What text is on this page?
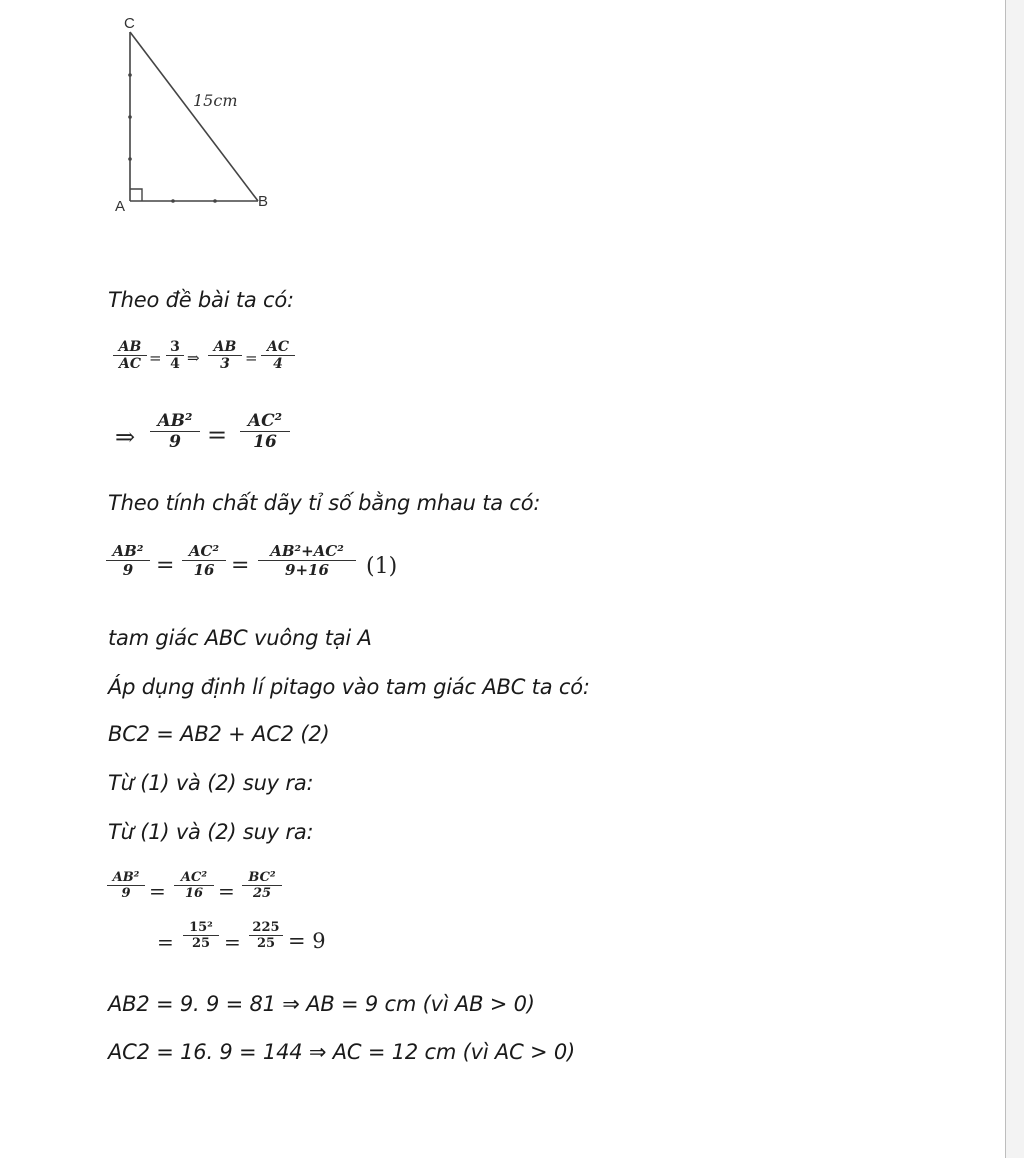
C
A	B
15cm
Theo đề bài ta có:
AB
AC =
3
4 ⇒
AB
3	=
AC
4
⇒
AB²
9	=	AC²
16
Theo tính chất dãy tỉ số bằng mhau ta có:
AB²
9	=
AC²
16 =
AB²+AC²
9+16	(1)
tam giác ABC vuông tại A
Áp dụng định lí pitago vào tam giác ABC ta có:
BC2 = AB2 + AC2 (2)
Từ (1) và (2) suy ra:
Từ (1) và (2) suy ra:
AB²
9 =
AC²
16 =
BC²
25
=
15²
25 =
225
25 = 9
AB2 = 9. 9 = 81 ⇒ AB = 9 cm (vì AB > 0)
AC2 = 16. 9 = 144 ⇒ AC = 12 cm (vì AC > 0)
